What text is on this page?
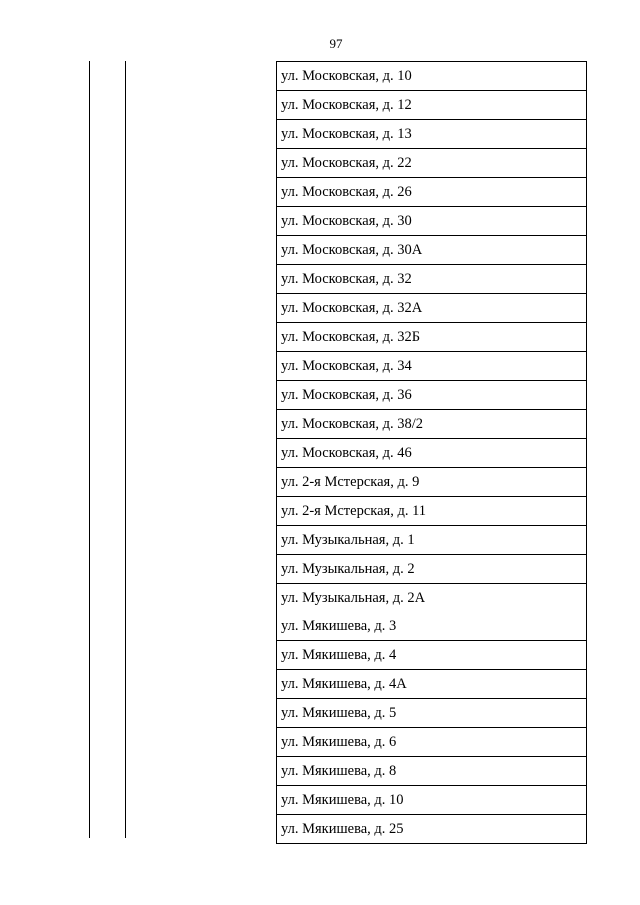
97
ул. Московская, д. 10
ул. Московская, д. 12
ул. Московская, д. 13
ул. Московская, д. 22
ул. Московская, д. 26
ул. Московская, д. 30
ул. Московская, д. 30А
ул. Московская, д. 32
ул. Московская, д. 32А
ул. Московская, д. 32Б
ул. Московская, д. 34
ул. Московская, д. 36
ул. Московская, д. 38/2
ул. Московская, д. 46
ул. 2-я Мстерская, д. 9
ул. 2-я Мстерская, д. 11
ул. Музыкальная, д. 1
ул. Музыкальная, д. 2
ул. Музыкальная, д. 2А
ул. Мякишева, д. 3
ул. Мякишева, д. 4
ул. Мякишева, д. 4А
ул. Мякишева, д. 5
ул. Мякишева, д. 6
ул. Мякишева, д. 8
ул. Мякишева, д. 10
ул. Мякишева, д. 25
